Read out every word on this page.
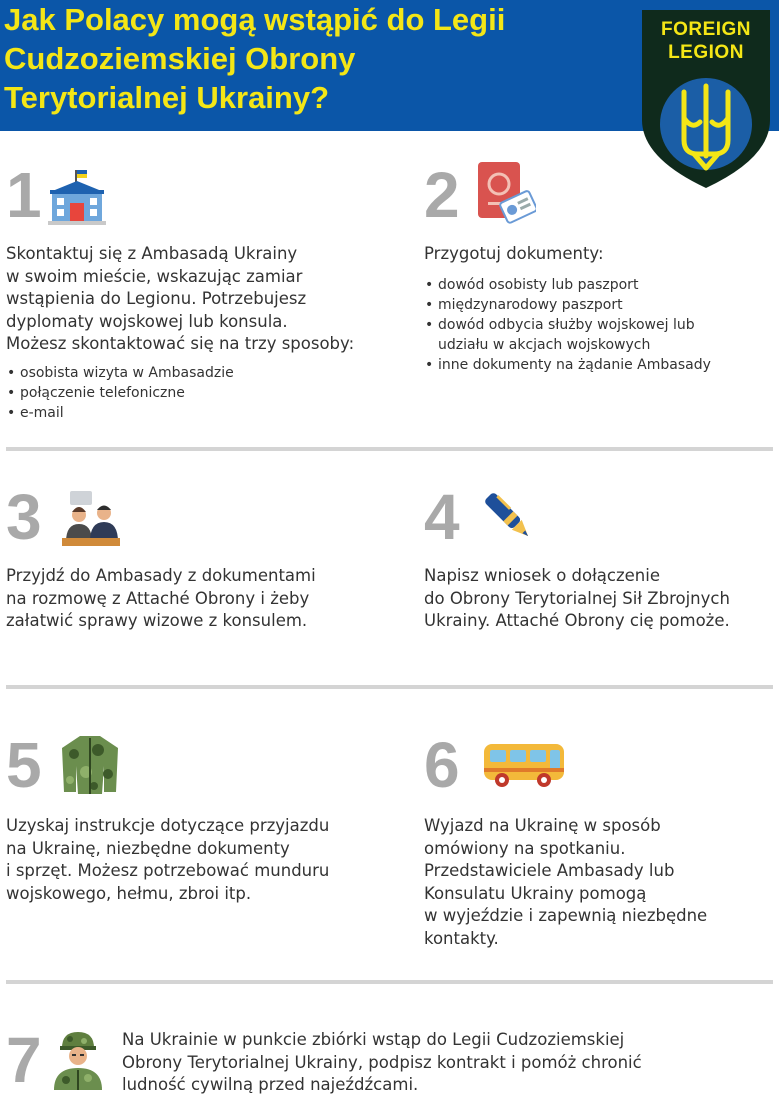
Jak Polacy mogą wstąpić do Legii
Cudzoziemskiej Obrony
Terytorialnej Ukrainy?
FOREIGN
LEGION
1

Skontaktuj się z Ambasadą Ukrainy
w swoim mieście, wskazując zamiar
wstąpienia do Legionu. Potrzebujesz
dyplomaty wojskowej lub konsula.
Możesz skontaktować się na trzy sposoby:

• osobista wizyta w Ambasadzie
• połączenie telefoniczne
• e-mail
2

Przygotuj dokumenty:

• dowód osobisty lub paszport
• międzynarodowy paszport
• dowód odbycia służby wojskowej lub
udziału w akcjach wojskowych
• inne dokumenty na żądanie Ambasady
3

Przyjdź do Ambasady z dokumentami
na rozmowę z Attaché Obrony i żeby
załatwić sprawy wizowe z konsulem.

4

Napisz wniosek o dołączenie
do Obrony Terytorialnej Sił Zbrojnych
Ukrainy. Attaché Obrony cię pomoże.

5

Uzyskaj instrukcje dotyczące przyjazdu
na Ukrainę, niezbędne dokumenty
i sprzęt. Możesz potrzebować munduru
wojskowego, hełmu, zbroi itp.

6

Wyjazd na Ukrainę w sposób
omówiony na spotkaniu.
Przedstawiciele Ambasady lub
Konsulatu Ukrainy pomogą
w wyjeździe i zapewnią niezbędne
kontakty.

7	Na Ukrainie w punkcie zbiórki wstąp do Legii Cudzoziemskiej
Obrony Terytorialnej Ukrainy, podpisz kontrakt i pomóż chronić
ludność cywilną przed najeźdźcami.
